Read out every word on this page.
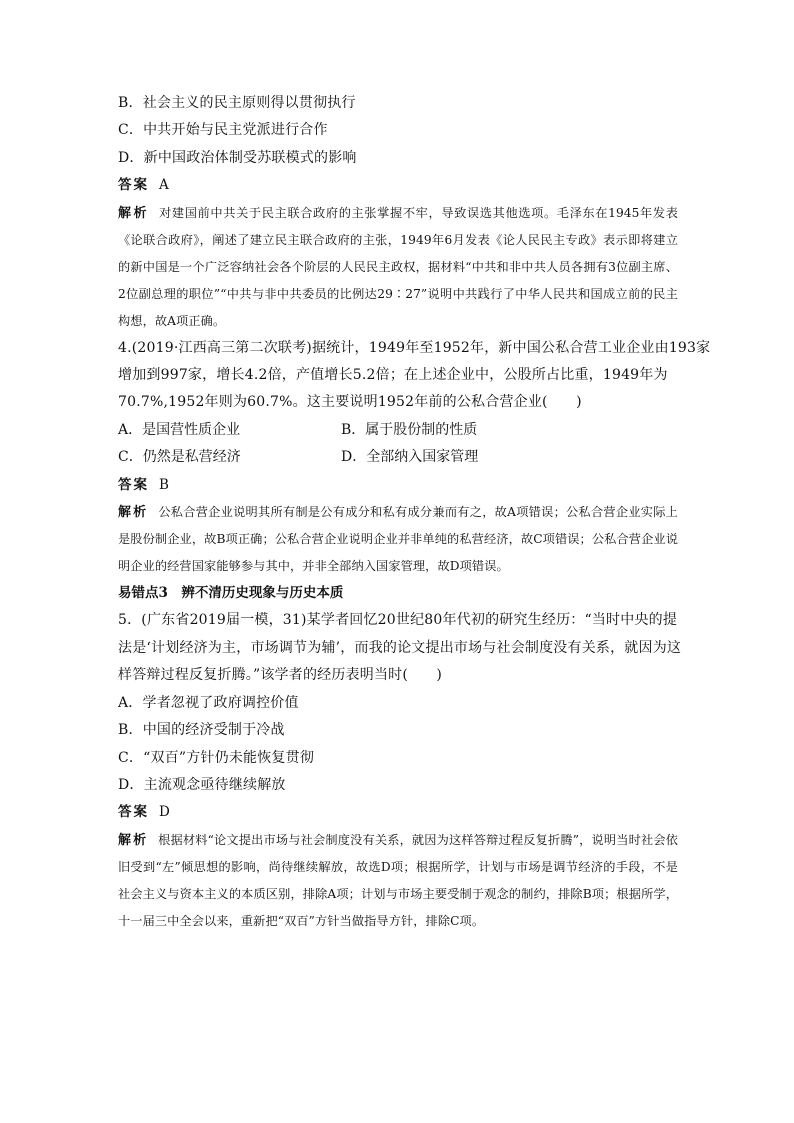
B．社会主义的民主原则得以贯彻执行
C．中共开始与民主党派进行合作
D．新中国政治体制受苏联模式的影响
答案 A
解析 对建国前中共关于民主联合政府的主张掌握不牢，导致误选其他选项。毛泽东在1945年发表《论联合政府》，阐述了建立民主联合政府的主张，1949年6月发表《论人民民主专政》表示即将建立的新中国是一个广泛容纳社会各个阶层的人民民主政权，据材料“中共和非中共人员各拥有3位副主席、2位副总理的职位”“中共与非中共委员的比例达29∶27”说明中共践行了中华人民共和国成立前的民主构想，故A项正确。
4.(2019·江西高三第二次联考)据统计，1949年至1952年，新中国公私合营工业企业由193家
增加到997家，增长4.2倍，产值增长5.2倍；在上述企业中，公股所占比重，1949年为
70.7%,1952年则为60.7%。这主要说明1952年前的公私合营企业(　　)
A．是国营性质企业	B．属于股份制的性质
C．仍然是私营经济	D．全部纳入国家管理
答案 B
解析 公私合营企业说明其所有制是公有成分和私有成分兼而有之，故A项错误；公私合营企业实际上是股份制企业，故B项正确；公私合营企业说明企业并非单纯的私营经济，故C项错误；公私合营企业说明企业的经营国家能够参与其中，并非全部纳入国家管理，故D项错误。
易错点3　辨不清历史现象与历史本质
5．(广东省2019届一模，31)某学者回忆20世纪80年代初的研究生经历：“当时中央的提
法是‘计划经济为主，市场调节为辅’，而我的论文提出市场与社会制度没有关系，就因为这
样答辩过程反复折腾。”该学者的经历表明当时(　　)
A．学者忽视了政府调控价值
B．中国的经济受制于冷战
C．“双百”方针仍未能恢复贯彻
D．主流观念亟待继续解放
答案 D
解析 根据材料“论文提出市场与社会制度没有关系，就因为这样答辩过程反复折腾”，说明当时社会依旧受到“左”倾思想的影响，尚待继续解放，故选D项；根据所学，计划与市场是调节经济的手段，不是社会主义与资本主义的本质区别，排除A项；计划与市场主要受制于观念的制约，排除B项；根据所学，十一届三中全会以来，重新把“双百”方针当做指导方针，排除C项。
